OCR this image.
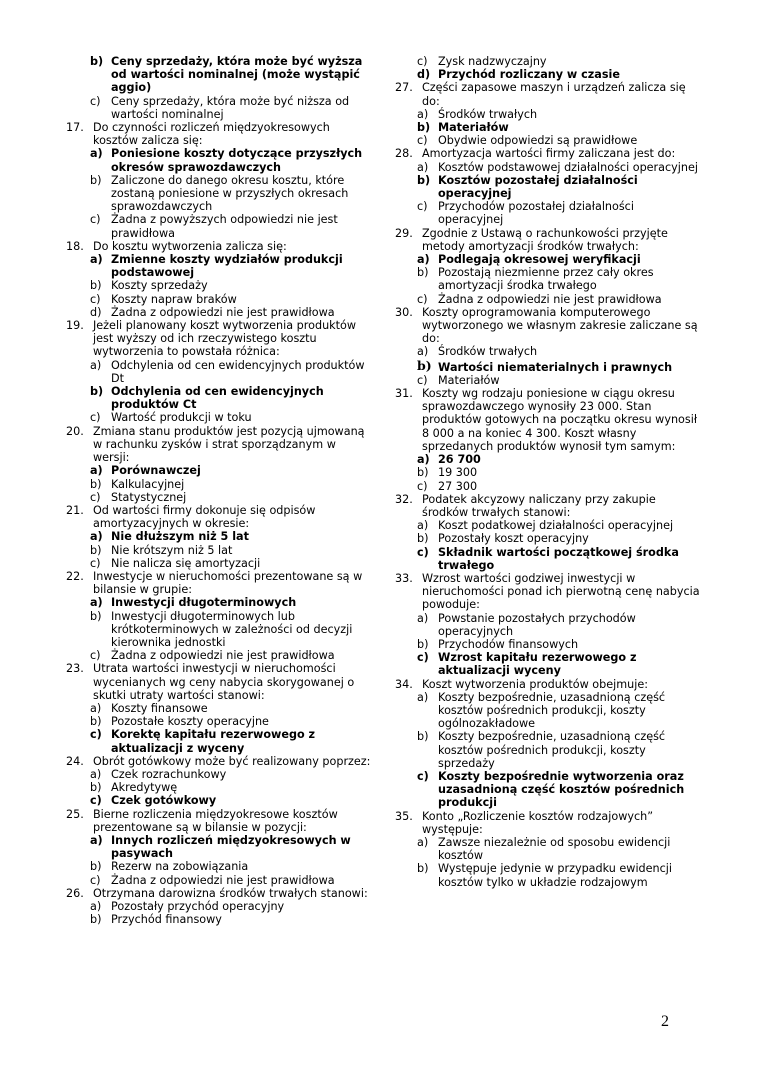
b) Ceny sprzedaży, która może być wyższa od wartości nominalnej (może wystąpić aggio)
c) Ceny sprzedaży, która może być niższa od wartości nominalnej
17. Do czynności rozliczeń międzyokresowych kosztów zalicza się:
a) Poniesione koszty dotyczące przyszłych okresów sprawozdawczych
b) Zaliczone do danego okresu kosztu, które zostaną poniesione w przyszłych okresach sprawozdawczych
c) Żadna z powyższych odpowiedzi nie jest prawidłowa
18. Do kosztu wytworzenia zalicza się:
a) Zmienne koszty wydziałów produkcji podstawowej
b) Koszty sprzedaży
c) Koszty napraw braków
d) Żadna z odpowiedzi nie jest prawidłowa
19. Jeżeli planowany koszt wytworzenia produktów jest wyższy od ich rzeczywistego kosztu wytworzenia to powstała różnica:
a) Odchylenia od cen ewidencyjnych produktów Dt
b) Odchylenia od cen ewidencyjnych produktów Ct
c) Wartość produkcji w toku
20. Zmiana stanu produktów jest pozycją ujmowaną w rachunku zysków i strat sporządzanym w wersji:
a) Porównawczej
b) Kalkulacyjnej
c) Statystycznej
21. Od wartości firmy dokonuje się odpisów amortyzacyjnych w okresie:
a) Nie dłuższym niż 5 lat
b) Nie krótszym niż 5 lat
c) Nie nalicza się amortyzacji
22. Inwestycje w nieruchomości prezentowane są w bilansie w grupie:
a) Inwestycji długoterminowych
b) Inwestycji długoterminowych lub krótkoterminowych w zależności od decyzji kierownika jednostki
c) Żadna z odpowiedzi nie jest prawidłowa
23. Utrata wartości inwestycji w nieruchomości wycenianych wg ceny nabycia skorygowanej o skutki utraty wartości stanowi:
a) Koszty finansowe
b) Pozostałe koszty operacyjne
c) Korektę kapitału rezerwowego z aktualizacji z wyceny
24. Obrót gotówkowy może być realizowany poprzez:
a) Czek rozrachunkowy
b) Akredytywę
c) Czek gotówkowy
25. Bierne rozliczenia międzyokresowe kosztów prezentowane są w bilansie w pozycji:
a) Innych rozliczeń międzyokresowych w pasywach
b) Rezerw na zobowiązania
c) Żadna z odpowiedzi nie jest prawidłowa
26. Otrzymana darowizna środków trwałych stanowi:
a) Pozostały przychód operacyjny
b) Przychód finansowy
c) Zysk nadzwyczajny
d) Przychód rozliczany w czasie
27. Części zapasowe maszyn i urządzeń zalicza się do:
a) Środków trwałych
b) Materiałów
c) Obydwie odpowiedzi są prawidłowe
28. Amortyzacja wartości firmy zaliczana jest do:
a) Kosztów podstawowej działalności operacyjnej
b) Kosztów pozostałej działalności operacyjnej
c) Przychodów pozostałej działalności operacyjnej
29. Zgodnie z Ustawą o rachunkowości przyjęte metody amortyzacji środków trwałych:
a) Podlegają okresowej weryfikacji
b) Pozostają niezmienne przez cały okres amortyzacji środka trwałego
c) Żadna z odpowiedzi nie jest prawidłowa
30. Koszty oprogramowania komputerowego wytworzonego we własnym zakresie zaliczane są do:
a) Środków trwałych
b) Wartości niematerialnych i prawnych
c) Materiałów
31. Koszty wg rodzaju poniesione w ciągu okresu sprawozdawczego wynosiły 23 000. Stan produktów gotowych na początku okresu wynosił 8 000 a na koniec 4 300. Koszt własny sprzedanych produktów wynosił tym samym:
a) 26 700
b) 19 300
c) 27 300
32. Podatek akcyzowy naliczany przy zakupie środków trwałych stanowi:
a) Koszt podatkowej działalności operacyjnej
b) Pozostały koszt operacyjny
c) Składnik wartości początkowej środka trwałego
33. Wzrost wartości godziwej inwestycji w nieruchomości ponad ich pierwotną cenę nabycia powoduje:
a) Powstanie pozostałych przychodów operacyjnych
b) Przychodów finansowych
c) Wzrost kapitału rezerwowego z aktualizacji wyceny
34. Koszt wytworzenia produktów obejmuje:
a) Koszty bezpośrednie, uzasadnioną część kosztów pośrednich produkcji, koszty ogólnozakładowe
b) Koszty bezpośrednie, uzasadnioną część kosztów pośrednich produkcji, koszty sprzedaży
c) Koszty bezpośrednie wytworzenia oraz uzasadnioną część kosztów pośrednich produkcji
35. Konto „Rozliczenie kosztów rodzajowych” występuje:
a) Zawsze niezależnie od sposobu ewidencji kosztów
b) Występuje jedynie w przypadku ewidencji kosztów tylko w układzie rodzajowym
2
